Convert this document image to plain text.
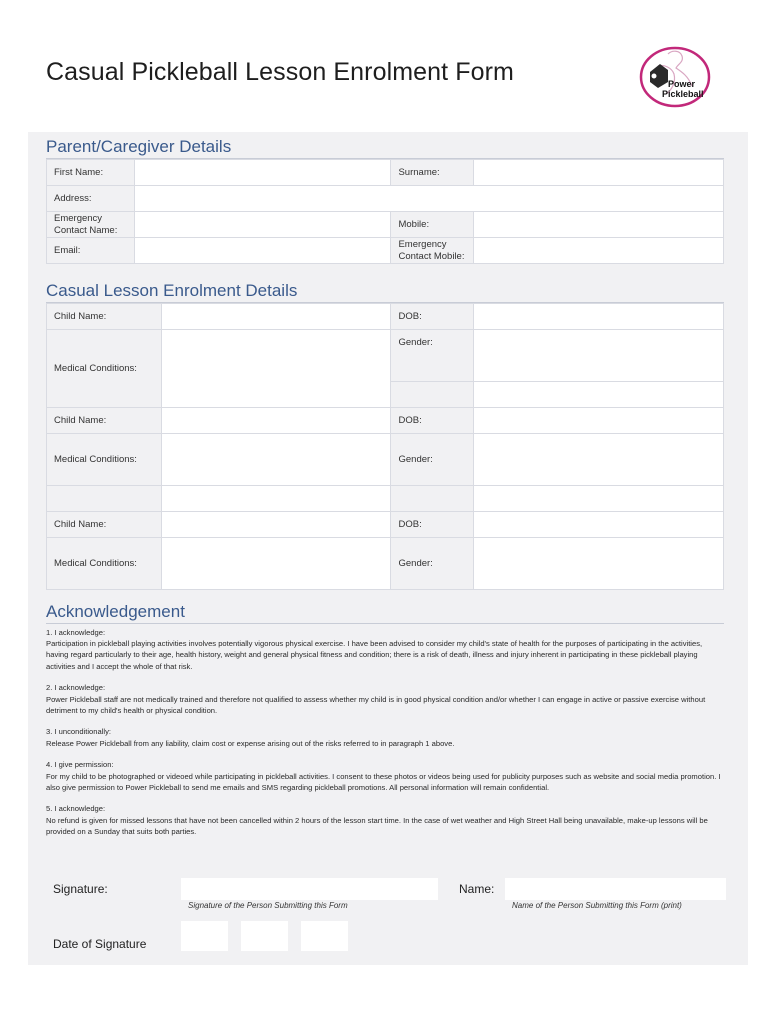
Casual Pickleball Lesson Enrolment Form	Power
Pickleball
Parent/Caregiver Details
First Name:		Surname:	
Address:			
Emergency Contact Name:		Mobile:	
Email:		Emergency Contact Mobile:	
Casual Lesson Enrolment Details
Child Name:		DOB:	
Medical Conditions:		Gender:	

Child Name:		DOB:	
Medical Conditions:		Gender:	

Child Name:		DOB:	
Medical Conditions:		Gender:	
Acknowledgement
1. I acknowledge:
Participation in pickleball playing activities involves potentially vigorous physical exercise. I have been advised to consider my child's state of health for the purposes of participating in the activities, having regard particularly to their age, health history, weight and general physical fitness and condition; there is a risk of death, illness and injury inherent in participating in these pickleball playing activities and I accept the whole of that risk.
2. I acknowledge:
Power Pickleball staff are not medically trained and therefore not qualified to assess whether my child is in good physical condition and/or whether I can engage in active or passive exercise without detriment to my child's health or physical condition.
3. I unconditionally:
Release Power Pickleball from any liability, claim cost or expense arising out of the risks referred to in paragraph 1 above.
4. I give permission:
For my child to be photographed or videoed while participating in pickleball activities. I consent to these photos or videos being used for publicity purposes such as website and social media promotion. I also give permission to Power Pickleball to send me emails and SMS regarding pickleball promotions. All personal information will remain confidential.
5. I acknowledge:
No refund is given for missed lessons that have not been cancelled within 2 hours of the lesson start time. In the case of wet weather and High Street Hall being unavailable, make-up lessons will be provided on a Sunday that suits both parties.
Signature:
Signature of the Person Submitting this Form
Name:
Name of the Person Submitting this Form (print)
Date of Signature
